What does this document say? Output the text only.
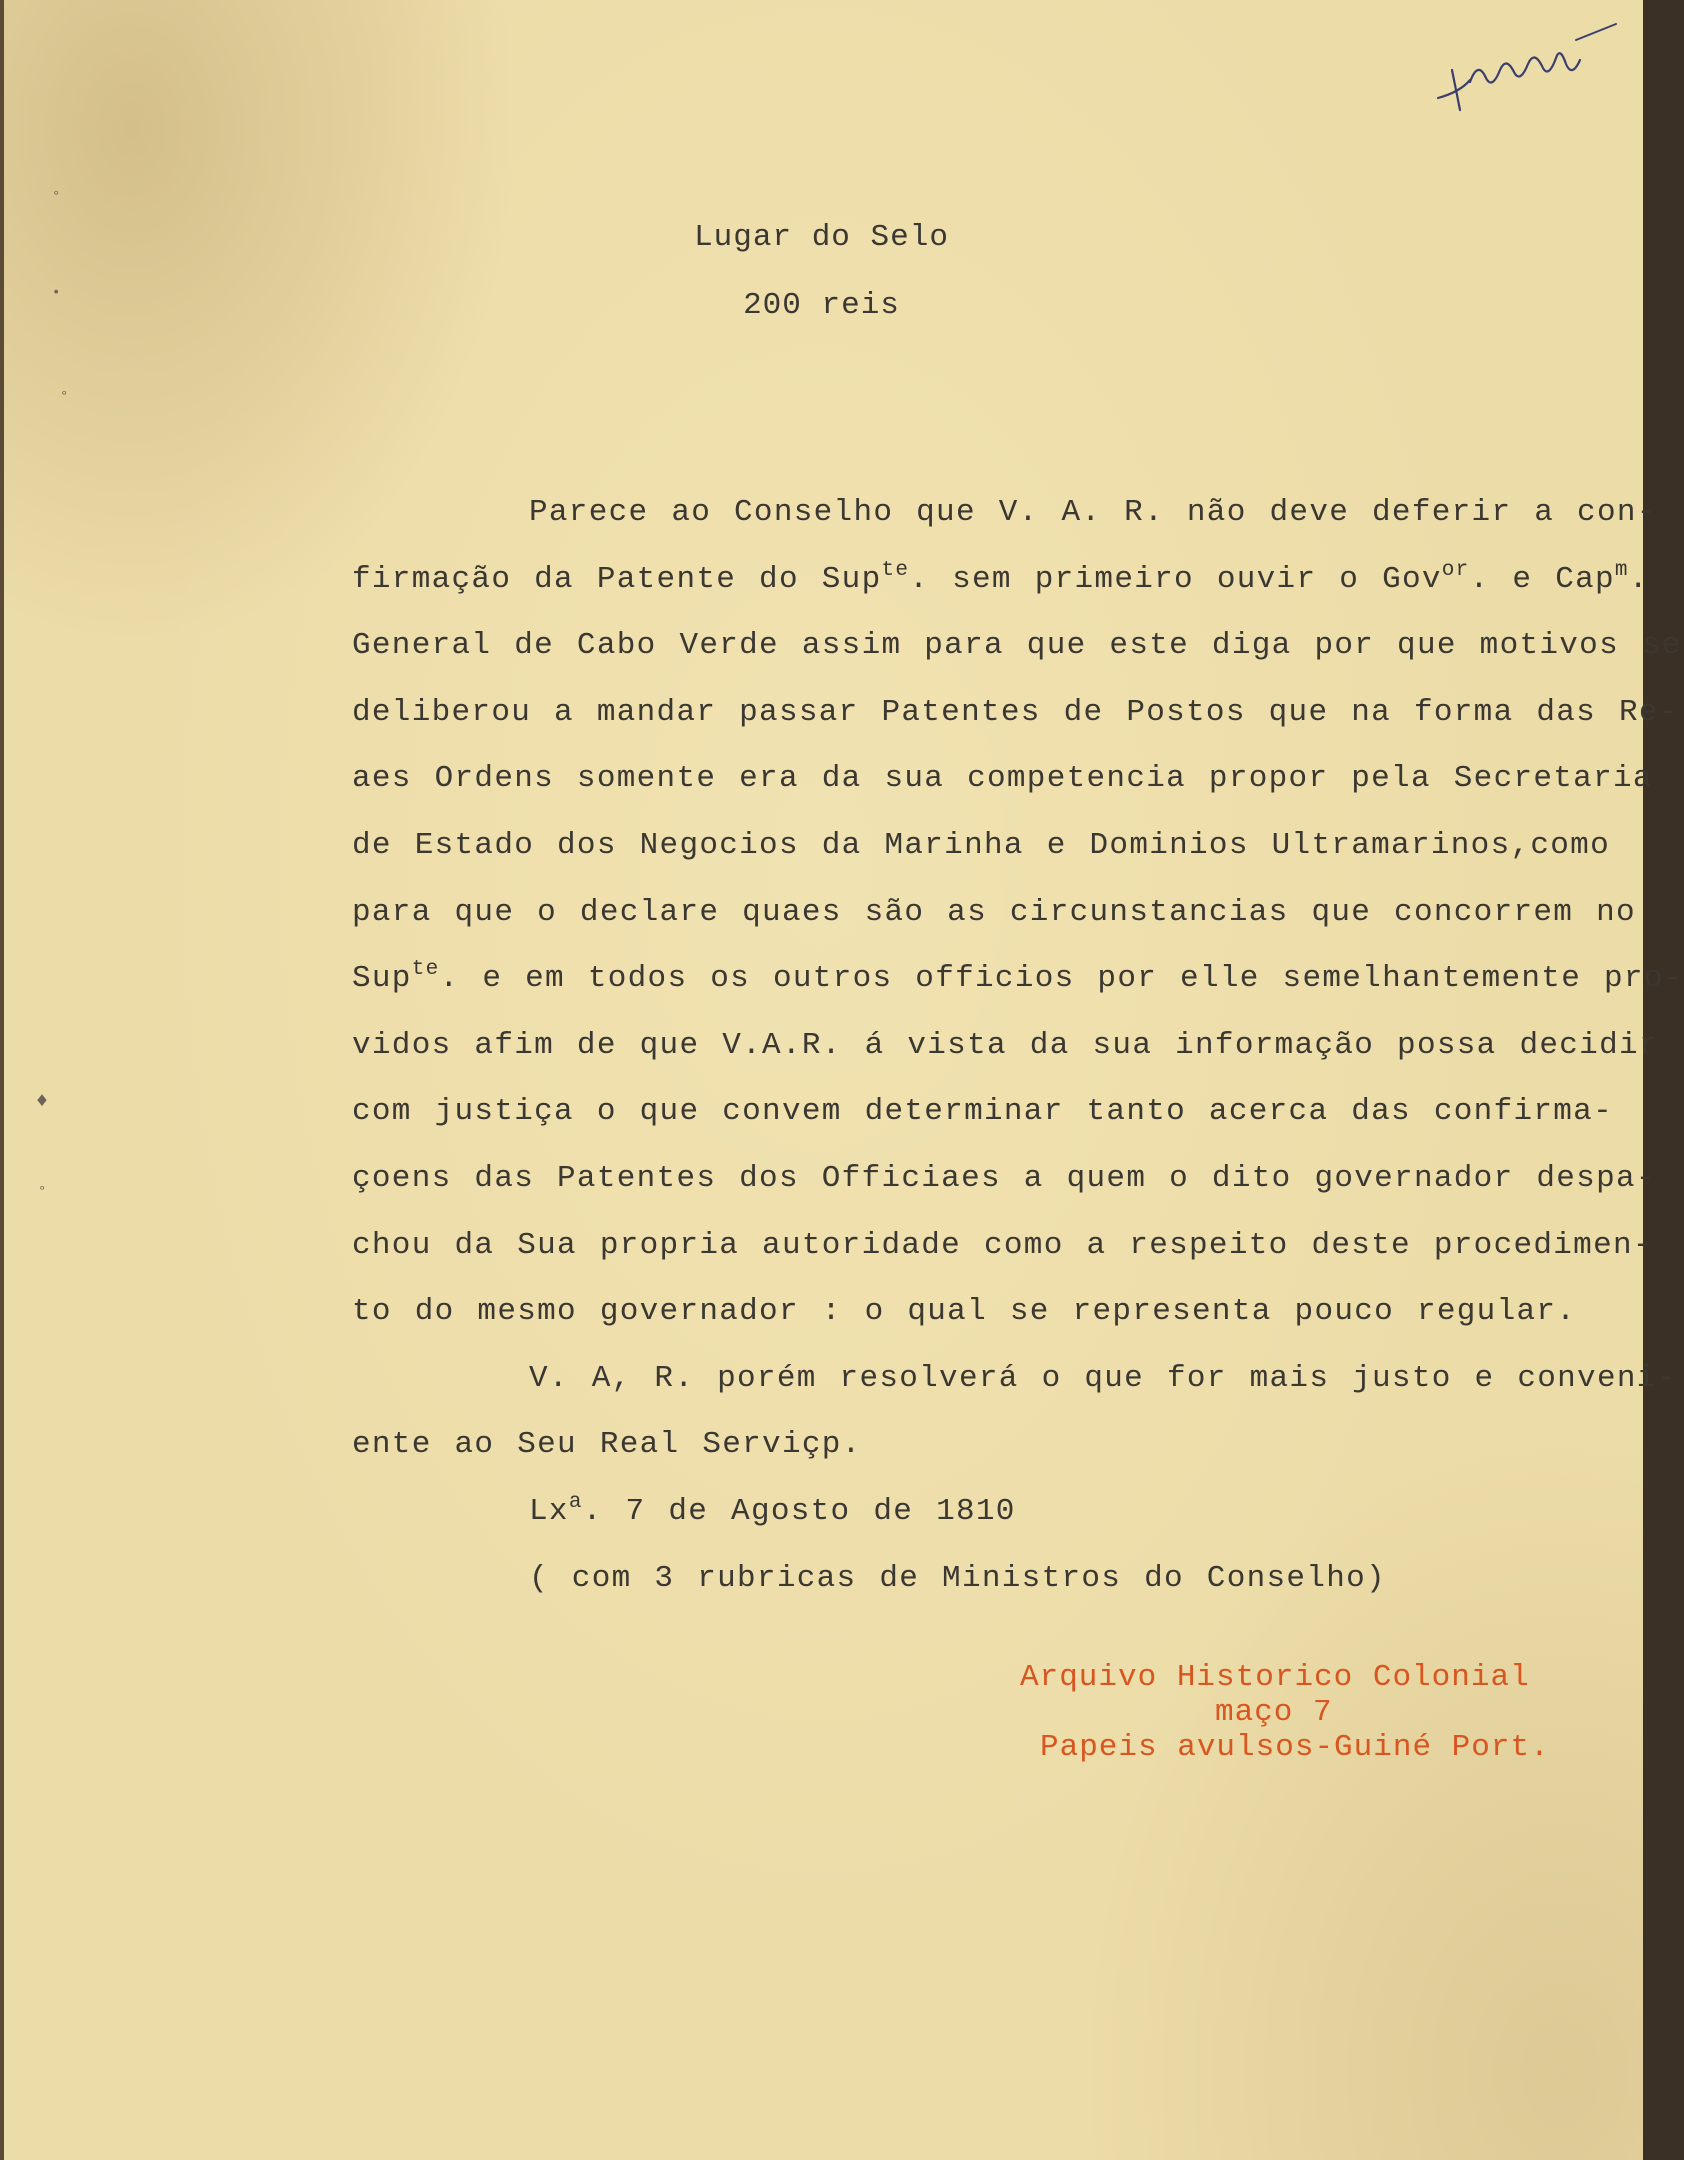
°
•
°
♦
°
Lugar do Selo
200 reis
Parece ao Conselho que V. A. R. não deve deferir a con-
firmação da Patente do Sup$^{te}$. sem primeiro ouvir o Gov$^{or}$. e Cap$^m$.
General de Cabo Verde assim para que este diga por que motivos se
deliberou a mandar passar Patentes de Postos que na forma das Re-
aes Ordens somente era da sua competencia propor pela Secretaria
de Estado dos Negocios da Marinha e Dominios Ultramarinos,como
para que o declare quaes são as circunstancias que concorrem no
Sup$^{te}$. e em todos os outros officios por elle semelhantemente pro-
vidos afim de que V.A.R. á vista da sua informação possa decidir
com justiça o que convem determinar tanto acerca das confirma-
çoens das Patentes dos Officiaes a quem o dito governador despa-
chou da Sua propria autoridade como a respeito deste procedimen-
to do mesmo governador : o qual se representa pouco regular.
V. A, R. porém resolverá o que for mais justo e conveni-
ente ao Seu Real Serviçp.
Lx$^a$. 7 de Agosto de 1810
( com 3 rubricas de Ministros do Conselho)
Arquivo Historico Colonial
maço 7
Papeis avulsos-Guiné Port.
